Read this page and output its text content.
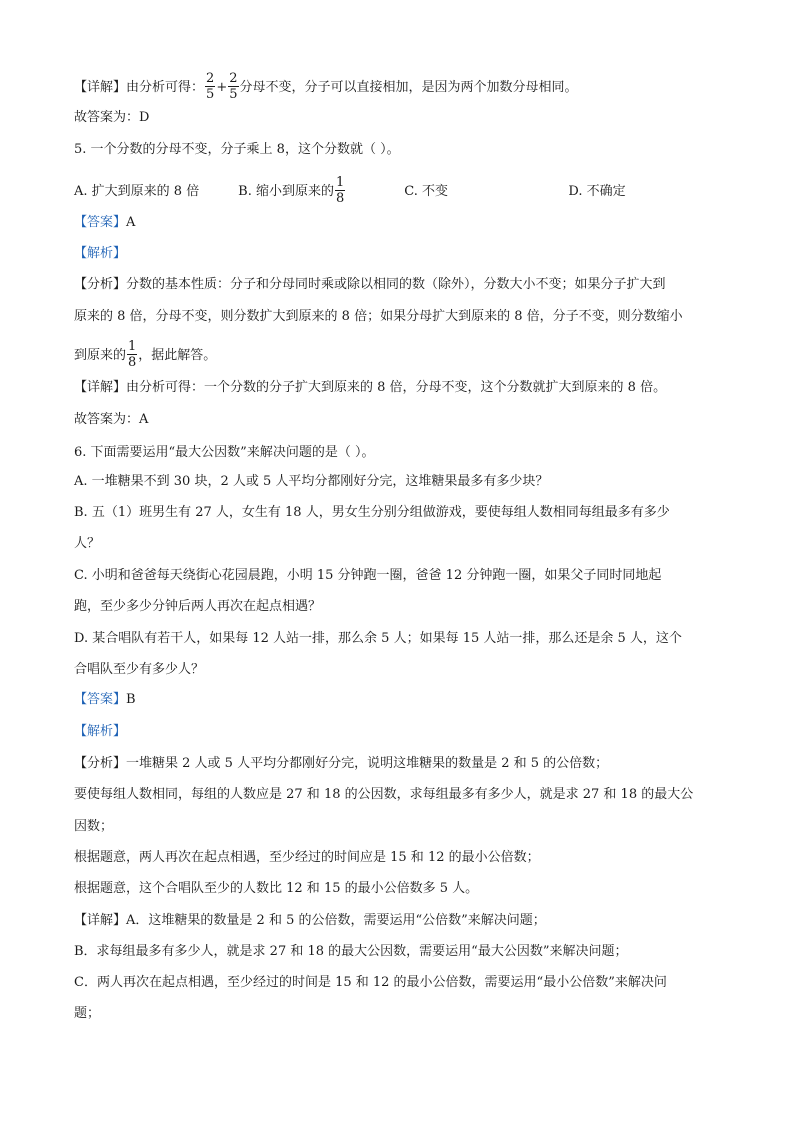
【详解】由分析可得： $\frac{2}{5} + \frac{2}{5}$ 分母不变，分子可以直接相加，是因为两个加数分母相同。
故答案为：D
5. 一个分数的分母不变，分子乘上 8，这个分数就（ ）。
A. 扩大到原来的 8 倍	B. 缩小到原来的 $\frac{1}{8}$	C. 不变	D. 不确定
【答案】A
【解析】
【分析】分数的基本性质：分子和分母同时乘或除以相同的数（除外），分数大小不变；如果分子扩大到
原来的 8 倍，分母不变，则分数扩大到原来的 8 倍；如果分母扩大到原来的 8 倍，分子不变，则分数缩小
到原来的 $\frac{1}{8}$ ，据此解答。
【详解】由分析可得：一个分数的分子扩大到原来的 8 倍，分母不变，这个分数就扩大到原来的 8 倍。
故答案为：A
6. 下面需要运用“最大公因数”来解决问题的是（ ）。
A. 一堆糖果不到 30 块，2 人或 5 人平均分都刚好分完，这堆糖果最多有多少块？
B. 五（1）班男生有 27 人，女生有 18 人，男女生分别分组做游戏，要使每组人数相同每组最多有多少
人？
C. 小明和爸爸每天绕街心花园晨跑，小明 15 分钟跑一圈，爸爸 12 分钟跑一圈，如果父子同时同地起
跑，至少多少分钟后两人再次在起点相遇？
D. 某合唱队有若干人，如果每 12 人站一排，那么余 5 人；如果每 15 人站一排，那么还是余 5 人，这个
合唱队至少有多少人？
【答案】B
【解析】
【分析】一堆糖果 2 人或 5 人平均分都刚好分完，说明这堆糖果的数量是 2 和 5 的公倍数；
要使每组人数相同，每组的人数应是 27 和 18 的公因数，求每组最多有多少人，就是求 27 和 18 的最大公
因数；
根据题意，两人再次在起点相遇，至少经过的时间应是 15 和 12 的最小公倍数；
根据题意，这个合唱队至少的人数比 12 和 15 的最小公倍数多 5 人。
【详解】A．这堆糖果的数量是 2 和 5 的公倍数，需要运用“公倍数”来解决问题；
B．求每组最多有多少人，就是求 27 和 18 的最大公因数，需要运用“最大公因数”来解决问题；
C．两人再次在起点相遇，至少经过的时间是 15 和 12 的最小公倍数，需要运用“最小公倍数”来解决问
题；
